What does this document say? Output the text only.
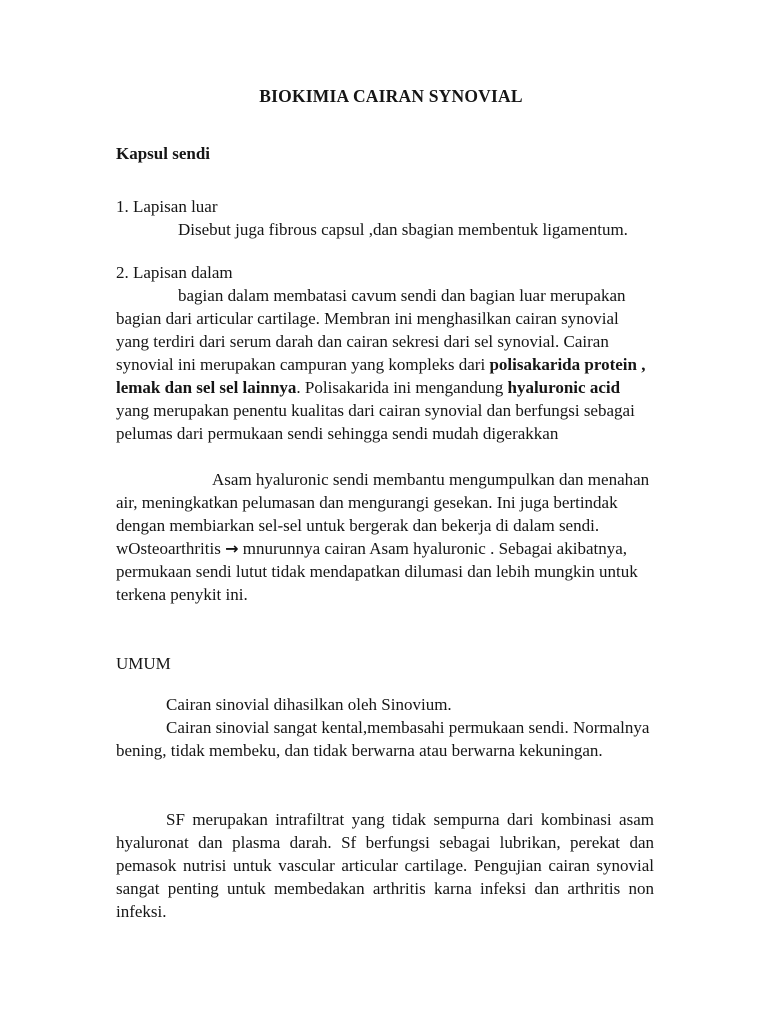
BIOKIMIA CAIRAN SYNOVIAL
Kapsul sendi

1. Lapisan luar

Disebut juga fibrous capsul ,dan sbagian membentuk ligamentum.

2. Lapisan dalam

bagian dalam membatasi cavum sendi dan bagian luar merupakan bagian dari articular cartilage. Membran ini menghasilkan cairan synovial yang terdiri dari serum darah dan cairan sekresi dari sel synovial. Cairan synovial ini merupakan campuran yang kompleks dari polisakarida protein , lemak dan sel sel lainnya. Polisakarida ini mengandung hyaluronic acid yang merupakan penentu kualitas dari cairan synovial dan berfungsi sebagai pelumas dari permukaan sendi sehingga sendi mudah digerakkan

Asam hyaluronic sendi membantu mengumpulkan dan menahan air, meningkatkan pelumasan dan mengurangi gesekan. Ini juga bertindak dengan membiarkan sel-sel untuk bergerak dan bekerja di dalam sendi.

wOsteoarthritis → mnurunnya cairan Asam hyaluronic . Sebagai akibatnya, permukaan sendi lutut tidak mendapatkan dilumasi dan lebih mungkin untuk terkena penykit ini.

UMUM

Cairan sinovial dihasilkan oleh Sinovium.

Cairan sinovial sangat kental,membasahi permukaan sendi. Normalnya bening, tidak membeku, dan tidak berwarna atau berwarna kekuningan.

SF merupakan intrafiltrat yang tidak sempurna dari kombinasi asam hyaluronat dan plasma darah. Sf berfungsi sebagai lubrikan, perekat dan pemasok nutrisi untuk vascular articular cartilage. Pengujian cairan synovial sangat penting untuk membedakan arthritis karna infeksi dan arthritis non infeksi.
